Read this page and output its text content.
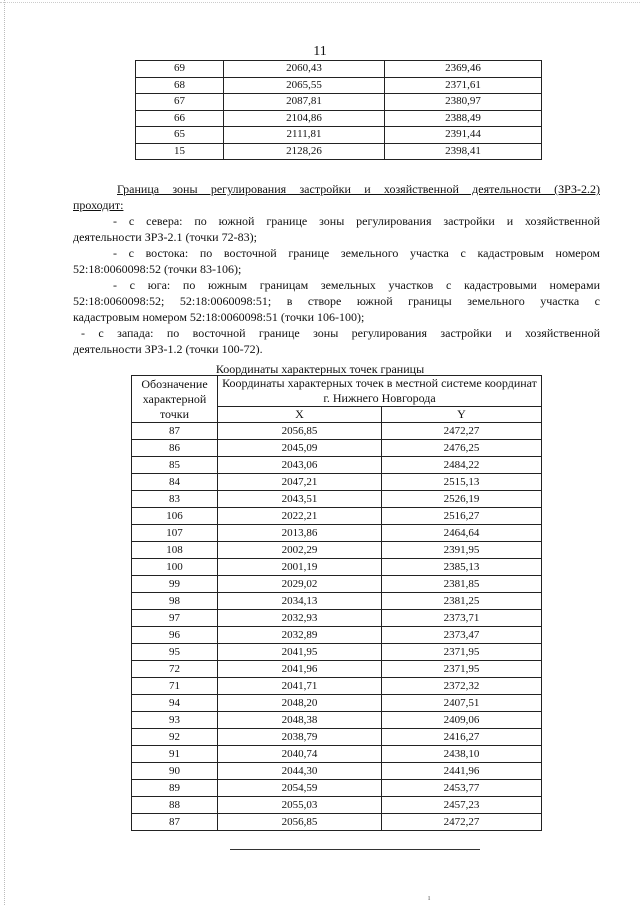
11
69	2060,43	2369,46
68	2065,55	2371,61
67	2087,81	2380,97
66	2104,86	2388,49
65	2111,81	2391,44
15	2128,26	2398,41

Граница зоны регулирования застройки и хозяйственной деятельности (ЗРЗ-2.2)

проходит:

- с севера: по южной границе зоны регулирования застройки и хозяйственной

деятельности ЗРЗ-2.1 (точки 72-83);

- с востока: по восточной границе земельного участка с кадастровым номером

52:18:0060098:52 (точки 83-106);

- с юга: по южным границам земельных участков с кадастровыми номерами

52:18:0060098:52; 52:18:0060098:51; в створе южной границы земельного участка с

кадастровым номером 52:18:0060098:51 (точки 106-100);

- с запада: по восточной границе зоны регулирования застройки и хозяйственной

деятельности ЗРЗ-1.2 (точки 100-72).

Координаты характерных точек границы
Обозначение характерной точки	Координаты характерных точек в местной системе координат г. Нижнего Новгорода	
	X	Y
87	2056,85	2472,27
86	2045,09	2476,25
85	2043,06	2484,22
84	2047,21	2515,13
83	2043,51	2526,19
106	2022,21	2516,27
107	2013,86	2464,64
108	2002,29	2391,95
100	2001,19	2385,13
99	2029,02	2381,85
98	2034,13	2381,25
97	2032,93	2373,71
96	2032,89	2373,47
95	2041,95	2371,95
72	2041,96	2371,95
71	2041,71	2372,32
94	2048,20	2407,51
93	2048,38	2409,06
92	2038,79	2416,27
91	2040,74	2438,10
90	2044,30	2441,96
89	2054,59	2453,77
88	2055,03	2457,23
87	2056,85	2472,27
ı
